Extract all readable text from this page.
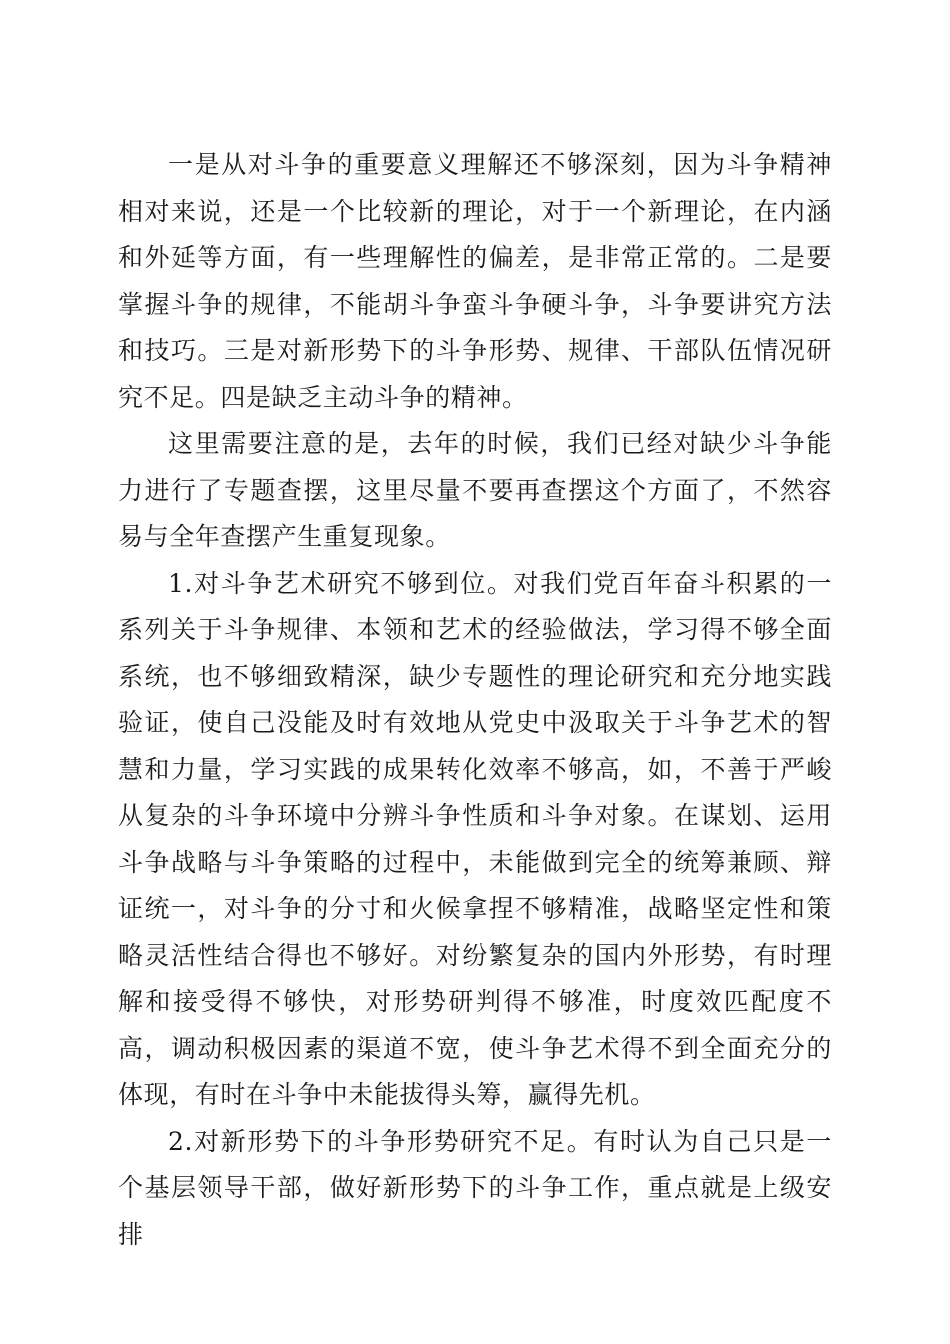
一是从对斗争的重要意义理解还不够深刻，因为斗争精神相对来说，还是一个比较新的理论，对于一个新理论，在内涵和外延等方面，有一些理解性的偏差，是非常正常的。二是要掌握斗争的规律，不能胡斗争蛮斗争硬斗争，斗争要讲究方法和技巧。三是对新形势下的斗争形势、规律、干部队伍情况研究不足。四是缺乏主动斗争的精神。

这里需要注意的是，去年的时候，我们已经对缺少斗争能力进行了专题查摆，这里尽量不要再查摆这个方面了，不然容易与全年查摆产生重复现象。

1.对斗争艺术研究不够到位。对我们党百年奋斗积累的一系列关于斗争规律、本领和艺术的经验做法，学习得不够全面系统，也不够细致精深，缺少专题性的理论研究和充分地实践验证，使自己没能及时有效地从党史中汲取关于斗争艺术的智慧和力量，学习实践的成果转化效率不够高，如，不善于严峻从复杂的斗争环境中分辨斗争性质和斗争对象。在谋划、运用斗争战略与斗争策略的过程中，未能做到完全的统筹兼顾、辩证统一，对斗争的分寸和火候拿捏不够精准，战略坚定性和策略灵活性结合得也不够好。对纷繁复杂的国内外形势，有时理解和接受得不够快，对形势研判得不够准，时度效匹配度不高，调动积极因素的渠道不宽，使斗争艺术得不到全面充分的体现，有时在斗争中未能拔得头筹，赢得先机。

2.对新形势下的斗争形势研究不足。有时认为自己只是一个基层领导干部，做好新形势下的斗争工作，重点就是上级安排
